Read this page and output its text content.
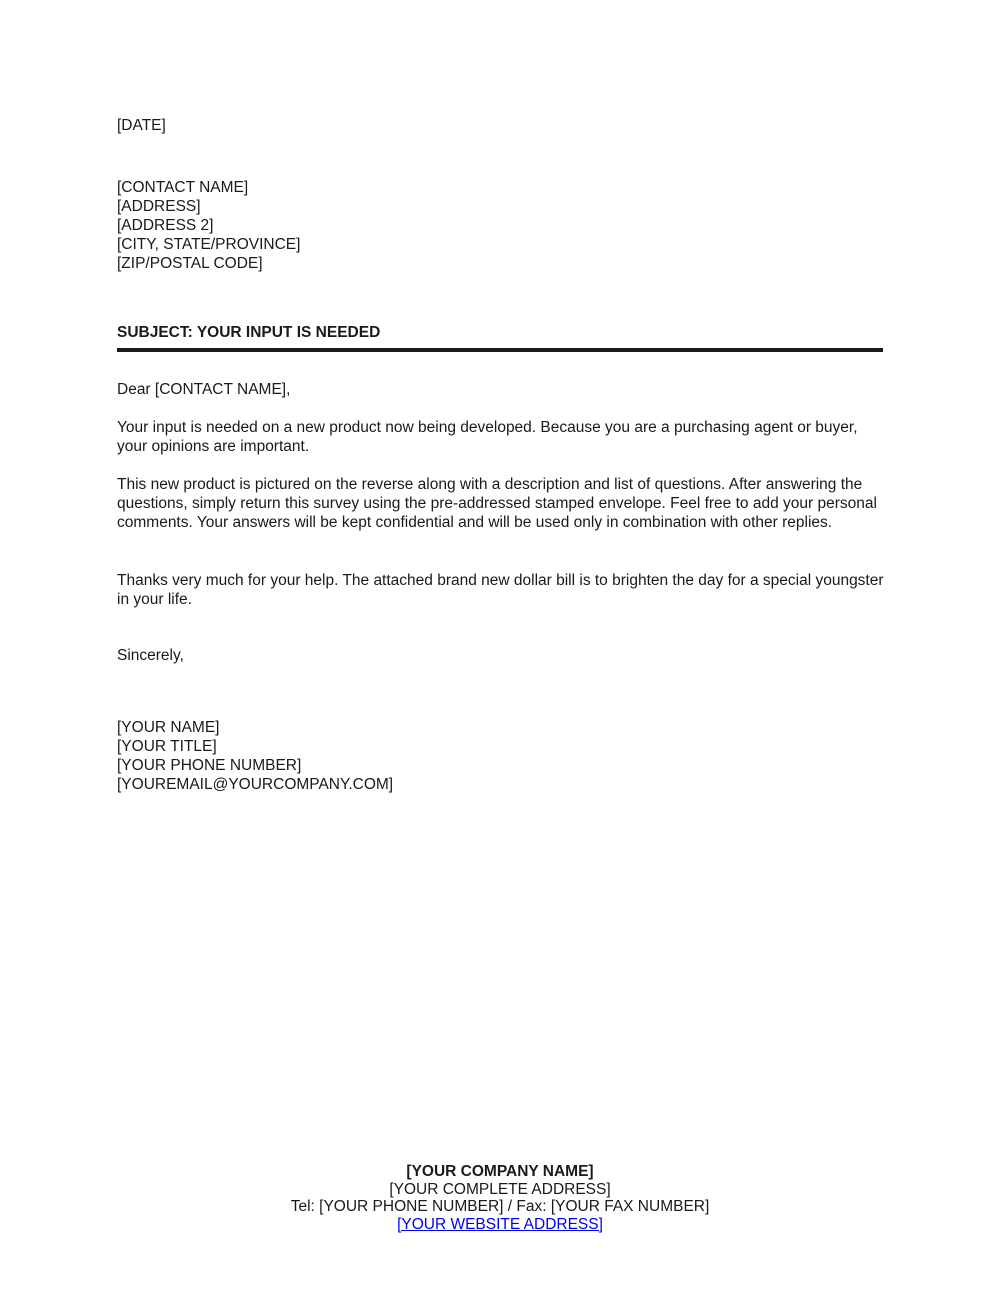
[DATE]
[CONTACT NAME]
[ADDRESS]
[ADDRESS 2]
[CITY, STATE/PROVINCE]
[ZIP/POSTAL CODE]
SUBJECT: YOUR INPUT IS NEEDED
Dear [CONTACT NAME],

Your input is needed on a new product now being developed. Because you are a purchasing agent or buyer, your opinions are important.

This new product is pictured on the reverse along with a description and list of questions. After answering the questions, simply return this survey using the pre-addressed stamped envelope. Feel free to add your personal comments. Your answers will be kept confidential and will be used only in combination with other replies.

Thanks very much for your help. The attached brand new dollar bill is to brighten the day for a special youngster in your life.

Sincerely,
[YOUR NAME]
[YOUR TITLE]
[YOUR PHONE NUMBER]
[YOUREMAIL@YOURCOMPANY.COM]
[YOUR COMPANY NAME]
[YOUR COMPLETE ADDRESS]
Tel: [YOUR PHONE NUMBER] / Fax: [YOUR FAX NUMBER]
[YOUR WEBSITE ADDRESS]
